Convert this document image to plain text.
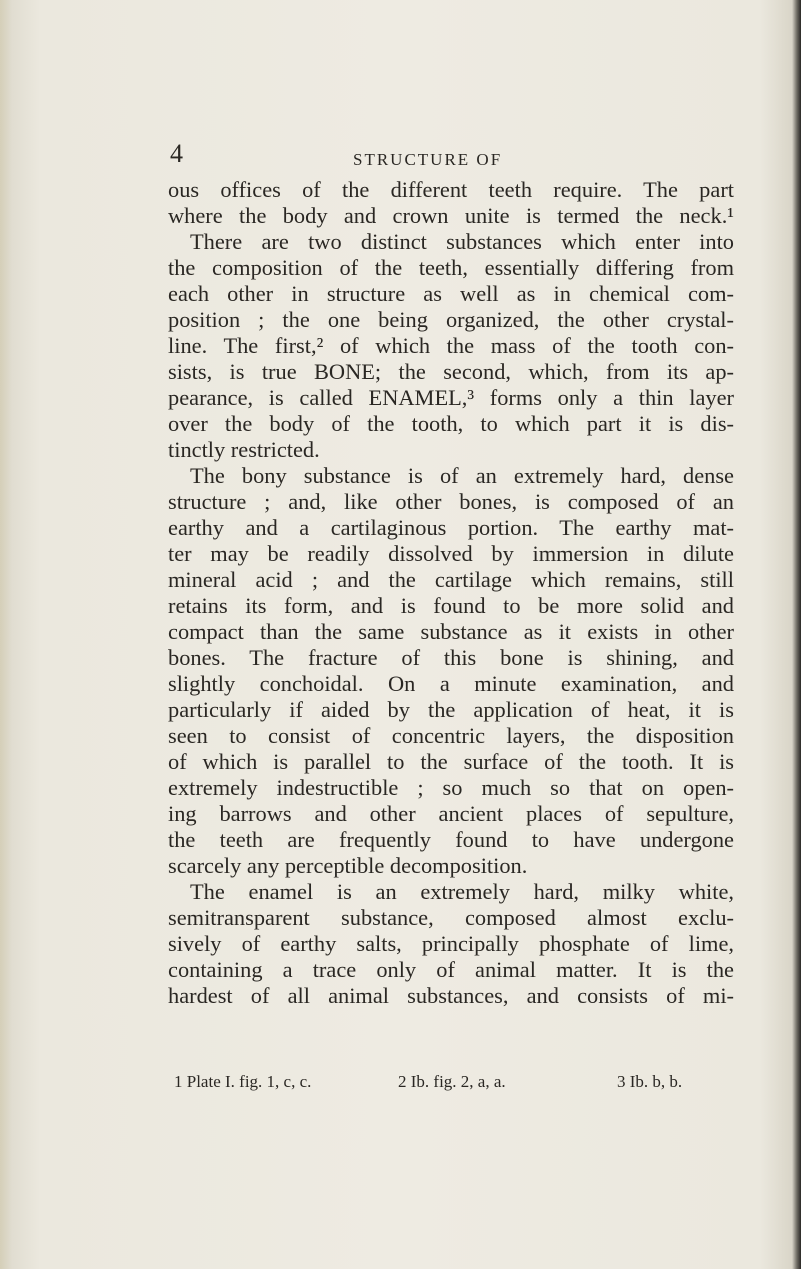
4	STRUCTURE OF
ous offices of the different teeth require. The part
where the body and crown unite is termed the neck.¹
There are two distinct substances which enter into
the composition of the teeth, essentially differing from
each other in structure as well as in chemical com-
position ; the one being organized, the other crystal-
line. The first,² of which the mass of the tooth con-
sists, is true BONE; the second, which, from its ap-
pearance, is called ENAMEL,³ forms only a thin layer
over the body of the tooth, to which part it is dis-
tinctly restricted.
The bony substance is of an extremely hard, dense
structure ; and, like other bones, is composed of an
earthy and a cartilaginous portion. The earthy mat-
ter may be readily dissolved by immersion in dilute
mineral acid ; and the cartilage which remains, still
retains its form, and is found to be more solid and
compact than the same substance as it exists in other
bones. The fracture of this bone is shining, and
slightly conchoidal. On a minute examination, and
particularly if aided by the application of heat, it is
seen to consist of concentric layers, the disposition
of which is parallel to the surface of the tooth. It is
extremely indestructible ; so much so that on open-
ing barrows and other ancient places of sepulture,
the teeth are frequently found to have undergone
scarcely any perceptible decomposition.
The enamel is an extremely hard, milky white,
semitransparent substance, composed almost exclu-
sively of earthy salts, principally phosphate of lime,
containing a trace only of animal matter. It is the
hardest of all animal substances, and consists of mi-
1 Plate I. fig. 1, c, c.	2 Ib. fig. 2, a, a.	3 Ib. b, b.
